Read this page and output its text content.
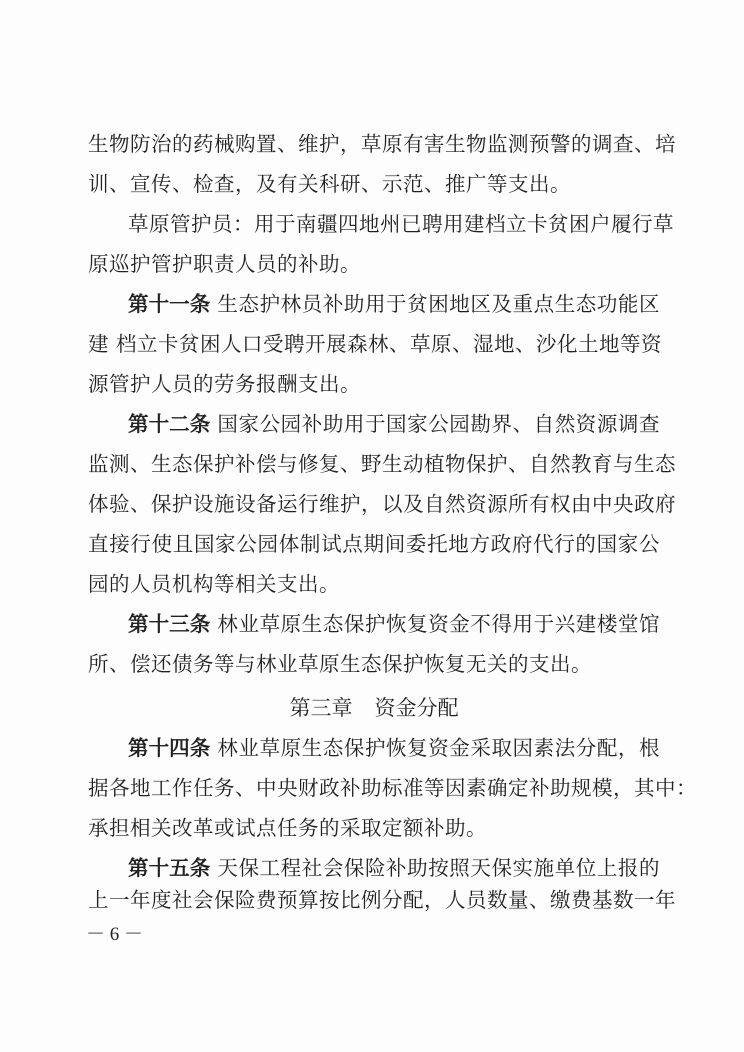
生物防治的药械购置、维护，草原有害生物监测预警的调查、培
训、宣传、检查，及有关科研、示范、推广等支出。
草原管护员：用于南疆四地州已聘用建档立卡贫困户履行草
原巡护管护职责人员的补助。
第十一条 生态护林员补助用于贫困地区及重点生态功能区
建 档立卡贫困人口受聘开展森林、草原、湿地、沙化土地等资
源管护人员的劳务报酬支出。
第十二条 国家公园补助用于国家公园勘界、自然资源调查
监测、生态保护补偿与修复、野生动植物保护、自然教育与生态
体验、保护设施设备运行维护，以及自然资源所有权由中央政府
直接行使且国家公园体制试点期间委托地方政府代行的国家公
园的人员机构等相关支出。
第十三条 林业草原生态保护恢复资金不得用于兴建楼堂馆
所、偿还债务等与林业草原生态保护恢复无关的支出。
第三章 资金分配
第十四条 林业草原生态保护恢复资金采取因素法分配，根
据各地工作任务、中央财政补助标准等因素确定补助规模，其中：
承担相关改革或试点任务的采取定额补助。
第十五条 天保工程社会保险补助按照天保实施单位上报的
上一年度社会保险费预算按比例分配，人员数量、缴费基数一年
－ 6 －
